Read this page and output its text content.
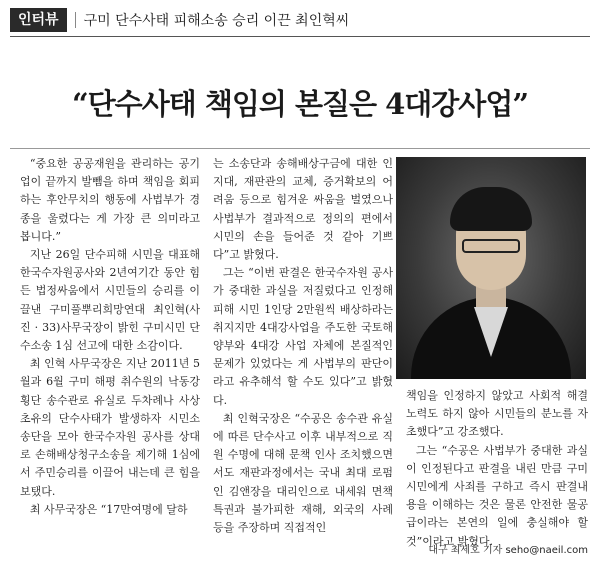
인터뷰	구미 단수사태 피해소송 승리 이끈 최인혁씨
“단수사태 책임의 본질은 4대강사업”

“중요한 공공재원을 관리하는 공기업이 끝까지 발뺌을 하며 책임을 회피하는 후안무치의 행동에 사법부가 경종을 울렸다는 게 가장 큰 의미라고 봅니다.”

지난 26일 단수피해 시민을 대표해 한국수자원공사와 2년여기간 동안 힘든 법정싸움에서 시민들의 승리를 이끌낸 구미풀뿌리희망연대 최인혁(사진 · 33)사무국장이 밝힌 구미시민 단수소송 1심 선고에 대한 소감이다.

최 인혁 사무국장은 지난 2011년 5월과 6월 구미 해평 취수원의 낙동강 횡단 송수관로 유실로 두차례나 사상 초유의 단수사태가 발생하자 시민소송단을 모아 한국수자원 공사를 상대로 손해배상청구소송을 제기해 1심에서 주민승리를 이끌어 내는데 큰 힘을 보탰다.

최 사무국장은 “17만여명에 달하

는 소송단과 송해배상구금에 대한 인지대, 재판관의 교체, 증거확보의 어려움 등으로 힘겨운 싸움을 벌였으나 사법부가 결과적으로 정의의 편에서 시민의 손을 들어준 것 같아 기쁘다”고 밝혔다.

그는 “이번 판결은 한국수자원 공사가 중대한 과실을 저질렀다고 인정해 피해 시민 1인당 2만원씩 배상하라는 취지지만 4대강사업을 주도한 국토해양부와 4대강 사업 자체에 본질적인 문제가 있었다는 게 사법부의 판단이라고 유추해석 할 수도 있다”고 밝혔다.

최 인혁국장은 “수공은 송수관 유실에 따른 단수사고 이후 내부적으로 직원 수명에 대해 문책 인사 조치했으면서도 재판과정에서는 국내 최대 로펌인 김앤장을 대리인으로 내세워 면책특권과 불가피한 재해, 외국의 사례 등을 주장하며 직접적인

책임을 인정하지 않았고 사회적 해결노력도 하지 않아 시민들의 분노를 자초했다”고 강조했다.

그는 “수공은 사법부가 중대한 과실이 인정된다고 판결을 내린 만큼 구미시민에게 사죄를 구하고 즉시 판결내용을 이해하는 것은 물론 안전한 물공급이라는 본연의 일에 충실해야 할 것”이라고 밝혔다.

대구 최세호 기자 seho@naeil.com
